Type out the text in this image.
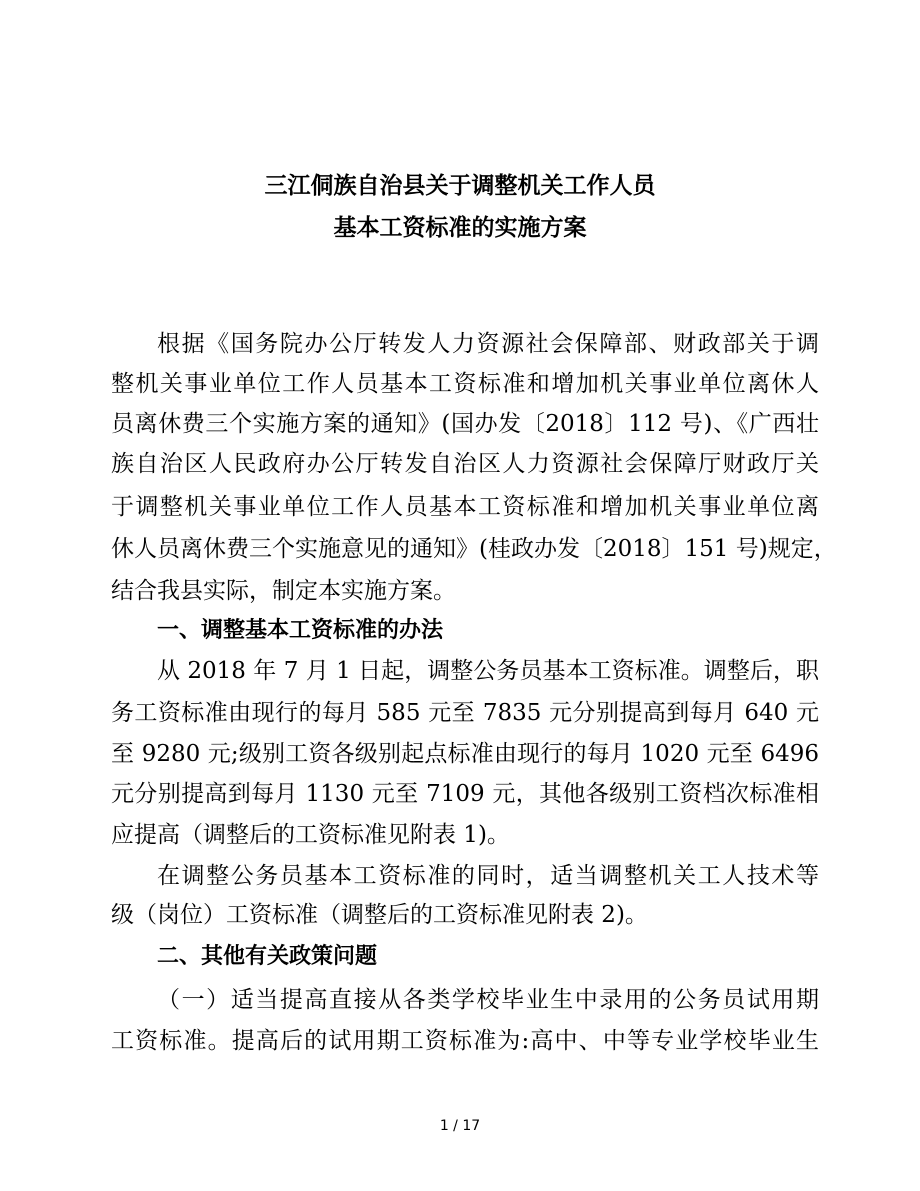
三江侗族自治县关于调整机关工作人员
基本工资标准的实施方案
根据《国务院办公厅转发人力资源社会保障部、财政部关于调
整机关事业单位工作人员基本工资标准和增加机关事业单位离休人
员离休费三个实施方案的通知》(国办发〔2018〕112 号)、《广西壮
族自治区人民政府办公厅转发自治区人力资源社会保障厅财政厅关
于调整机关事业单位工作人员基本工资标准和增加机关事业单位离
休人员离休费三个实施意见的通知》(桂政办发〔2018〕151 号)规定，
结合我县实际，制定本实施方案。
一、调整基本工资标准的办法
从 2018 年 7 月 1 日起，调整公务员基本工资标准。调整后，职
务工资标准由现行的每月 585 元至 7835 元分别提高到每月 640 元
至 9280 元;级别工资各级别起点标准由现行的每月 1020 元至 6496
元分别提高到每月 1130 元至 7109 元，其他各级别工资档次标准相
应提高（调整后的工资标准见附表 1)。
在调整公务员基本工资标准的同时，适当调整机关工人技术等
级（岗位）工资标准（调整后的工资标准见附表 2)。
二、其他有关政策问题
（一）适当提高直接从各类学校毕业生中录用的公务员试用期
工资标准。提高后的试用期工资标准为:高中、中等专业学校毕业生
1 / 17
